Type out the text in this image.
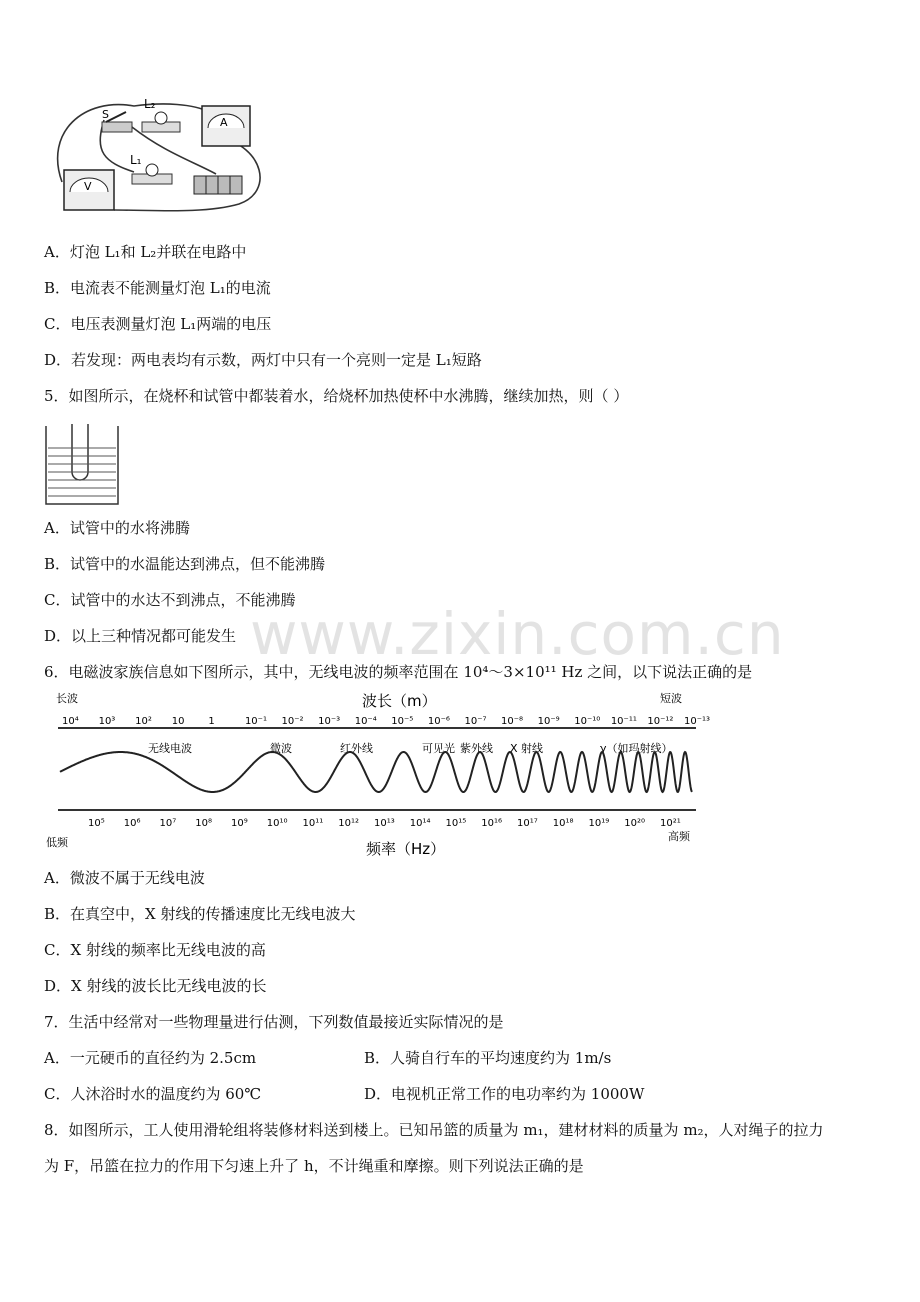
www.zixin.com.cn
S
L₂
A
L₁
V
A．灯泡 L₁和 L₂并联在电路中
B．电流表不能测量灯泡 L₁的电流
C．电压表测量灯泡 L₁两端的电压
D．若发现：两电表均有示数，两灯中只有一个亮则一定是 L₁短路
5．如图所示，在烧杯和试管中都装着水，给烧杯加热使杯中水沸腾，继续加热，则（ ）
A．试管中的水将沸腾
B．试管中的水温能达到沸点，但不能沸腾
C．试管中的水达不到沸点，不能沸腾
D．以上三种情况都可能发生
6．电磁波家族信息如下图所示，其中，无线电波的频率范围在 10⁴～3×10¹¹ Hz 之间，以下说法正确的是
波长（m）
长波	短波
10⁴ 10³ 10² 10 1	10⁻¹ 10⁻² 10⁻³ 10⁻⁴ 10⁻⁵ 10⁻⁶ 10⁻⁷ 10⁻⁸ 10⁻⁹ 10⁻¹⁰ 10⁻¹¹ 10⁻¹² 10⁻¹³
无线电波	微波	红外线	可见光 紫外线 X 射线	γ（如玛射线）
10⁵ 10⁶ 10⁷ 10⁸ 10⁹ 10¹⁰ 10¹¹ 10¹² 10¹³ 10¹⁴ 10¹⁵ 10¹⁶ 10¹⁷ 10¹⁸ 10¹⁹ 10²⁰ 10²¹
低频	高频
频率（Hz）
A．微波不属于无线电波
B．在真空中，X 射线的传播速度比无线电波大
C．X 射线的频率比无线电波的高
D．X 射线的波长比无线电波的长
7．生活中经常对一些物理量进行估测，下列数值最接近实际情况的是
A．一元硬币的直径约为 2.5cm	B．人骑自行车的平均速度约为 1m/s
C．人沐浴时水的温度约为 60℃	D．电视机正常工作的电功率约为 1000W
8．如图所示，工人使用滑轮组将装修材料送到楼上。已知吊篮的质量为 m₁，建材材料的质量为 m₂，人对绳子的拉力
为 F，吊篮在拉力的作用下匀速上升了 h，不计绳重和摩擦。则下列说法正确的是
